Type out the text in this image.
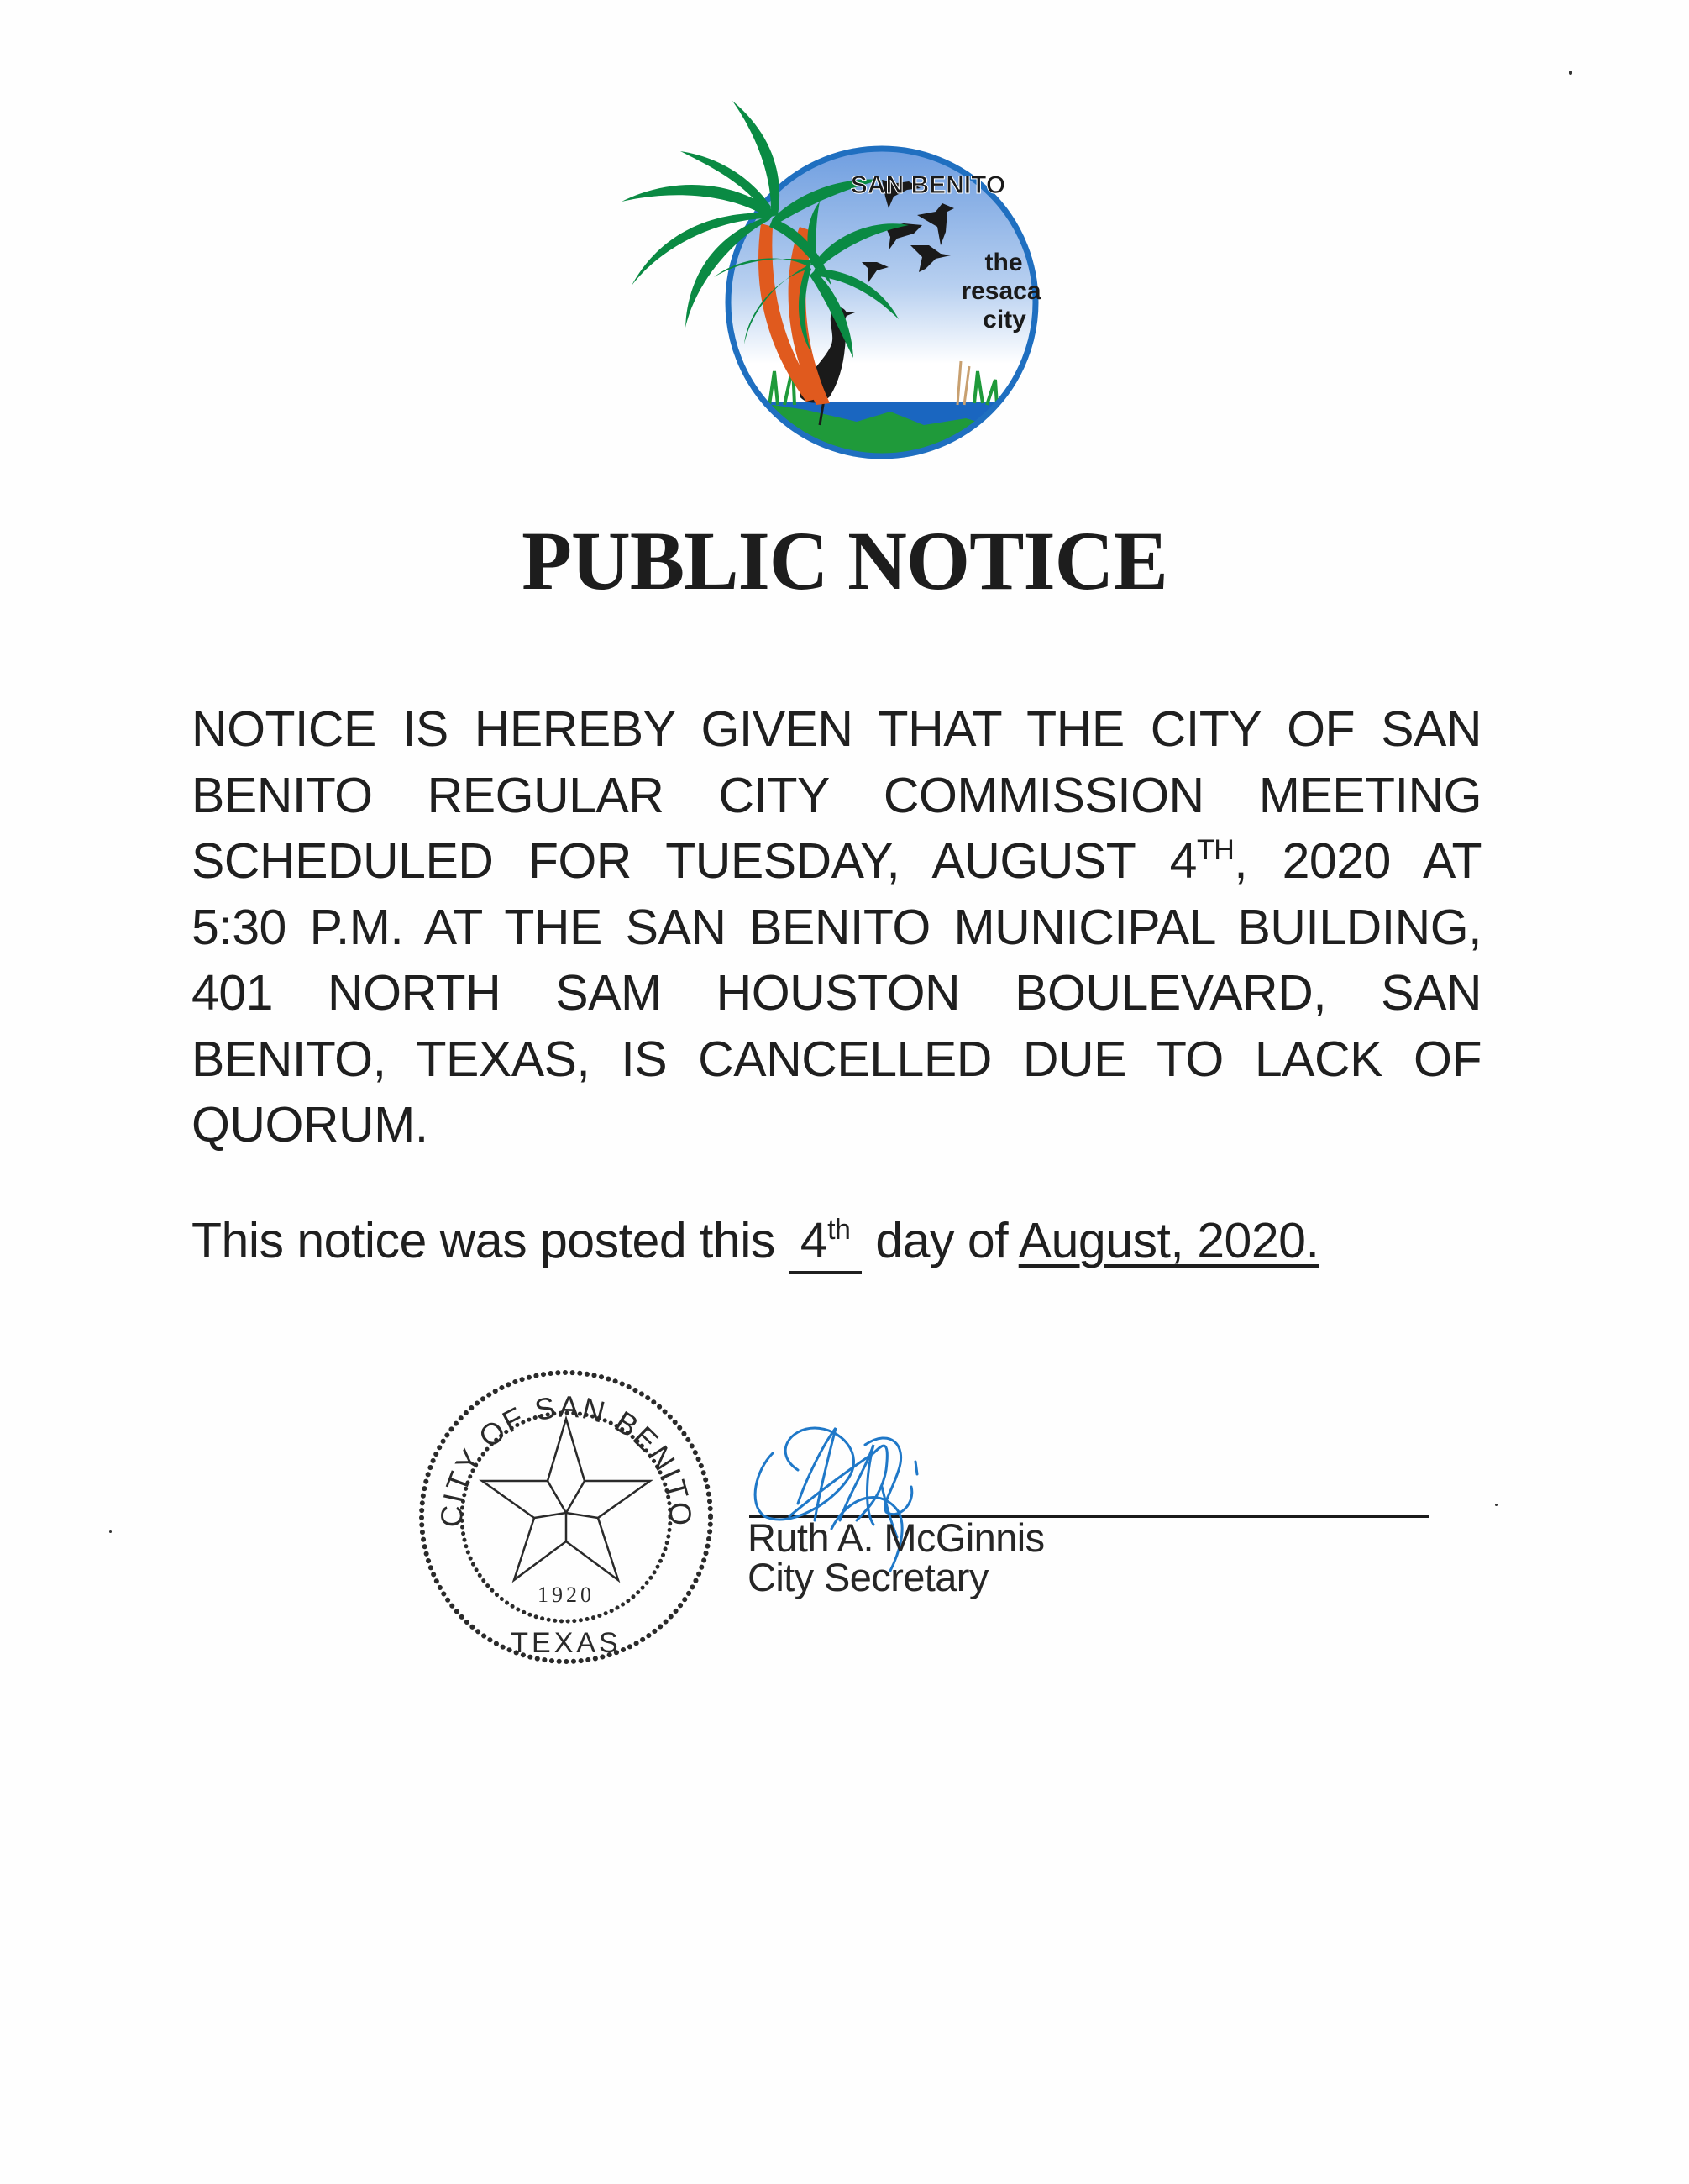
SAN BENITO
the
resaca
city
PUBLIC NOTICE
NOTICE IS HEREBY GIVEN THAT THE CITY OF SAN
BENITO REGULAR CITY COMMISSION MEETING
SCHEDULED FOR TUESDAY, AUGUST 4TH, 2020 AT
5:30 P.M. AT THE SAN BENITO MUNICIPAL BUILDING,
401 NORTH SAM HOUSTON BOULEVARD, SAN
BENITO, TEXAS, IS CANCELLED DUE TO LACK OF
QUORUM.
This notice was posted this 4th day of August, 2020.
CITY OF SAN BENITO
TEXAS
1920
Ruth A. McGinnis
City Secretary
